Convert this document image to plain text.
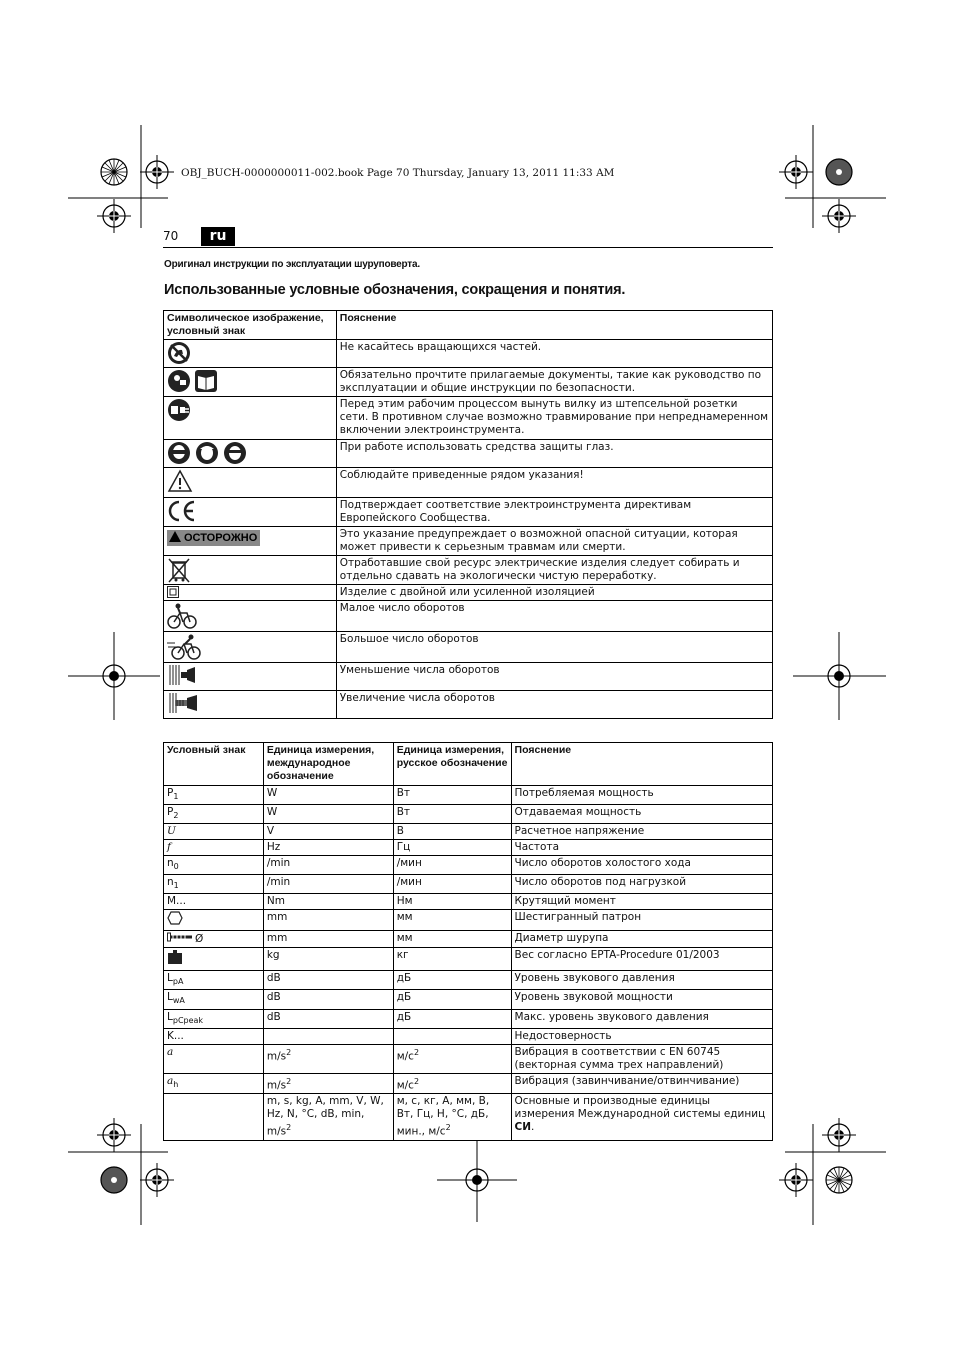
OBJ_BUCH-0000000011-002.book Page 70 Thursday, January 13, 2011 11:33 AM
70	ru
Оригинал инструкции по эксплуатации шуруповерта.
Использованные условные обозначения, сокращения и понятия.
Символическое изображение, условный знак	Пояснение
	Не касайтесь вращающихся частей.
	Обязательно прочтите прилагаемые документы, такие как руководство по эксплуатации и общие инструкции по безопасности.
	Перед этим рабочим процессом вынуть вилку из штепсельной розетки сети. В противном случае возможно травмирование при непреднамеренном включении электроинструмента.
	При работе использовать средства защиты глаз.
	Соблюдайте приведенные рядом указания!
	Подтверждает соответствие электроинструмента директивам Европейского Сообщества.
ОСТОРОЖНО	Это указание предупреждает о возможной опасной ситуации, которая может привести к серьезным травмам или смерти.
	Отработавшие свой ресурс электрические изделия следует собирать и отдельно сдавать на экологически чистую переработку.
	Изделие с двойной или усиленной изоляцией
	Малое число оборотов
	Большое число оборотов
	Уменьшение числа оборотов
	Увеличение числа оборотов
Условный знак	Единица измерения, международное обозначение	Единица измерения, русское обозначение	Пояснение
$P_1$	W	Вт	Потребляемая мощность
$P_2$	W	Вт	Отдаваемая мощность
U	V	В	Расчетное напряжение
f	Hz	Гц	Частота
$n_0$	/min	/мин	Число оборотов холостого хода
$n_1$	/min	/мин	Число оборотов под нагрузкой
M...	Nm	Нм	Крутящий момент
	mm	мм	Шестигранный патрон
Ø	mm	мм	Диаметр шурупа
	kg	кг	Вес согласно EPTA-Procedure 01/2003
$L_{pA}$	dB	дБ	Уровень звукового давления
$L_{wA}$	dB	дБ	Уровень звуковой мощности
$L_{pCpeak}$	dB	дБ	Макс. уровень звукового давления
K...			Недостоверность
a	$m/s^2$	$м/с^2$	Вибрация в соответствии с EN 60745 (векторная сумма трех направлений)
$a_h$	$m/s^2$	$м/с^2$	Вибрация (завинчивание/отвинчивание)
	m, s, kg, A, mm, V, W, Hz, N, °C, dB, min, $m/s^2$	м, с, кг, A, мм, В, Вт, Гц, Н, °C, дБ, мин., $м/с^2$	Основные и производные единицы измерения Международной системы единиц СИ.
